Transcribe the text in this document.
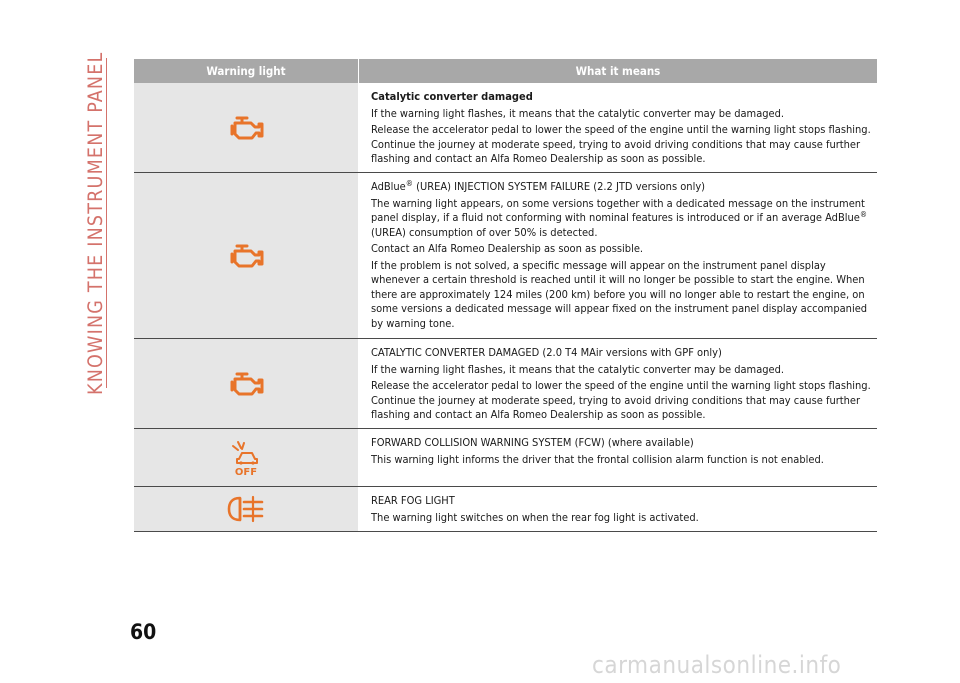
KNOWING THE INSTRUMENT PANEL	Warning light	What it means

Catalytic converter damaged

If the warning light flashes, it means that the catalytic converter may be damaged.

Release the accelerator pedal to lower the speed of the engine until the warning light stops flashing. Continue the journey at moderate speed, trying to avoid driving conditions that may cause further flashing and contact an Alfa Romeo Dealership as soon as possible.

AdBlue® (UREA) INJECTION SYSTEM FAILURE (2.2 JTD versions only)

The warning light appears, on some versions together with a dedicated message on the instrument panel display, if a fluid not conforming with nominal features is introduced or if an average AdBlue® (UREA) consumption of over 50% is detected.

Contact an Alfa Romeo Dealership as soon as possible.

If the problem is not solved, a specific message will appear on the instrument panel display whenever a certain threshold is reached until it will no longer be possible to start the engine. When there are approximately 124 miles (200 km) before you will no longer able to restart the engine, on some versions a dedicated message will appear fixed on the instrument panel display accompanied by warning tone.

CATALYTIC CONVERTER DAMAGED (2.0 T4 MAir versions with GPF only)

If the warning light flashes, it means that the catalytic converter may be damaged.

Release the accelerator pedal to lower the speed of the engine until the warning light stops flashing. Continue the journey at moderate speed, trying to avoid driving conditions that may cause further flashing and contact an Alfa Romeo Dealership as soon as possible.

OFF

FORWARD COLLISION WARNING SYSTEM (FCW) (where available)

This warning light informs the driver that the frontal collision alarm function is not enabled.

REAR FOG LIGHT

The warning light switches on when the rear fog light is activated.

60
carmanualsonline.info
